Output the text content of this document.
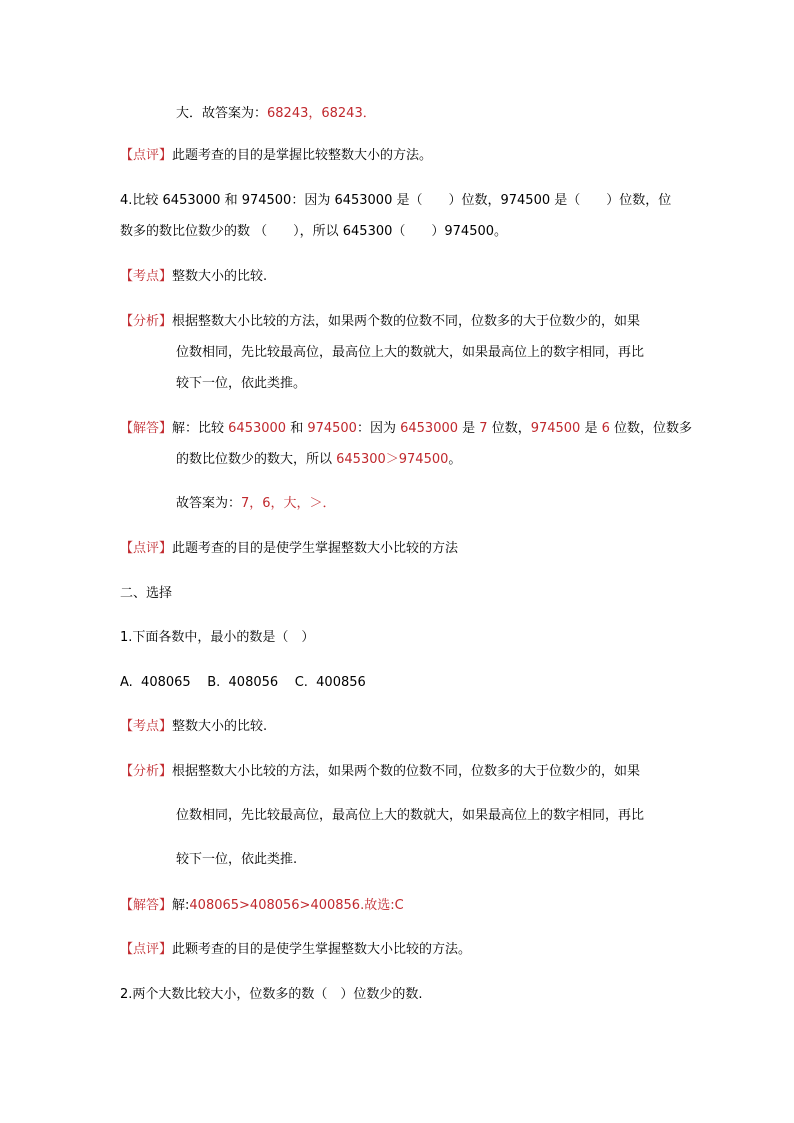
大．故答案为：68243，68243．
【点评】此题考查的目的是掌握比较整数大小的方法。
4.比较 6453000 和 974500：因为 6453000 是（　　）位数，974500 是（　　）位数，位
数多的数比位数少的数 （　　），所以 645300（　　）974500。
【考点】整数大小的比较.
【分析】根据整数大小比较的方法，如果两个数的位数不同，位数多的大于位数少的，如果
位数相同，先比较最高位，最高位上大的数就大，如果最高位上的数字相同，再比
较下一位，依此类推。
【解答】解：比较 6453000 和 974500：因为 6453000 是 7 位数，974500 是 6 位数，位数多
的数比位数少的数大，所以 645300＞974500。
故答案为：7，6，大，＞．
【点评】此题考查的目的是使学生掌握整数大小比较的方法
二、选择
1.下面各数中，最小的数是（　）
A.  408065    B.  408056    C.  400856
【考点】整数大小的比较.
【分析】根据整数大小比较的方法，如果两个数的位数不同，位数多的大于位数少的，如果
位数相同，先比较最高位，最高位上大的数就大，如果最高位上的数字相同，再比
较下一位，依此类推.
【解答】解:408065>408056>400856.故选:C
【点评】此颗考查的目的是使学生掌握整数大小比较的方法。
2.两个大数比较大小，位数多的数（　）位数少的数.
